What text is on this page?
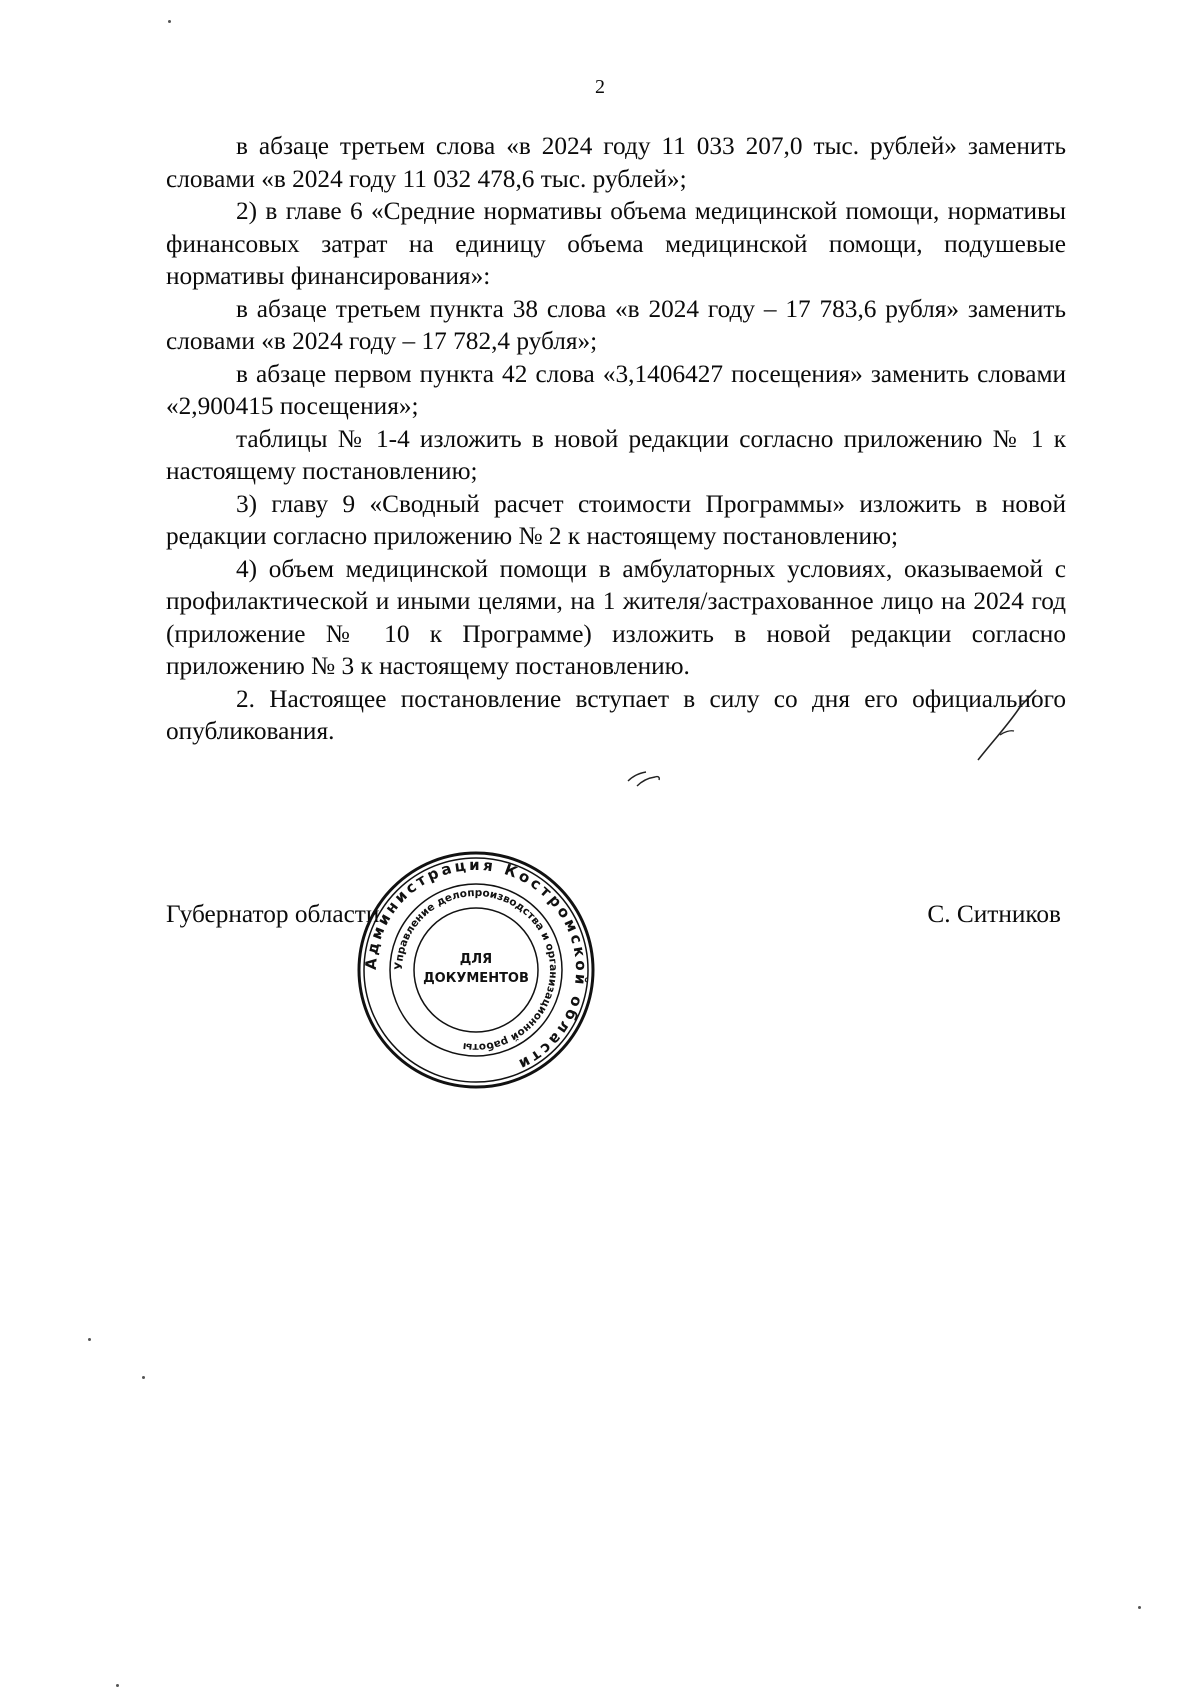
2

в абзаце третьем слова «в 2024 году 11 033 207,0 тыс. рублей» заменить словами «в 2024 году 11 032 478,6 тыс. рублей»;

2) в главе 6 «Средние нормативы объема медицинской помощи, нормативы финансовых затрат на единицу объема медицинской помощи, подушевые нормативы финансирования»:

в абзаце третьем пункта 38 слова «в 2024 году – 17 783,6 рубля» заменить словами «в 2024 году – 17 782,4 рубля»;

в абзаце первом пункта 42 слова «3,1406427 посещения» заменить словами «2,900415 посещения»;

таблицы № 1-4 изложить в новой редакции согласно приложению № 1 к настоящему постановлению;

3) главу 9 «Сводный расчет стоимости Программы» изложить в новой редакции согласно приложению № 2 к настоящему постановлению;

4) объем медицинской помощи в амбулаторных условиях, оказываемой с профилактической и иными целями, на 1 жителя/застрахованное лицо на 2024 год (приложение № 10 к Программе) изложить в новой редакции согласно приложению № 3 к настоящему постановлению.

2. Настоящее постановление вступает в силу со дня его официального опубликования.

Губернатор области	С. Ситников
Администрация Костромской области
Управление делопроизводства и организационной работы
ДЛЯ
ДОКУМЕНТОВ
